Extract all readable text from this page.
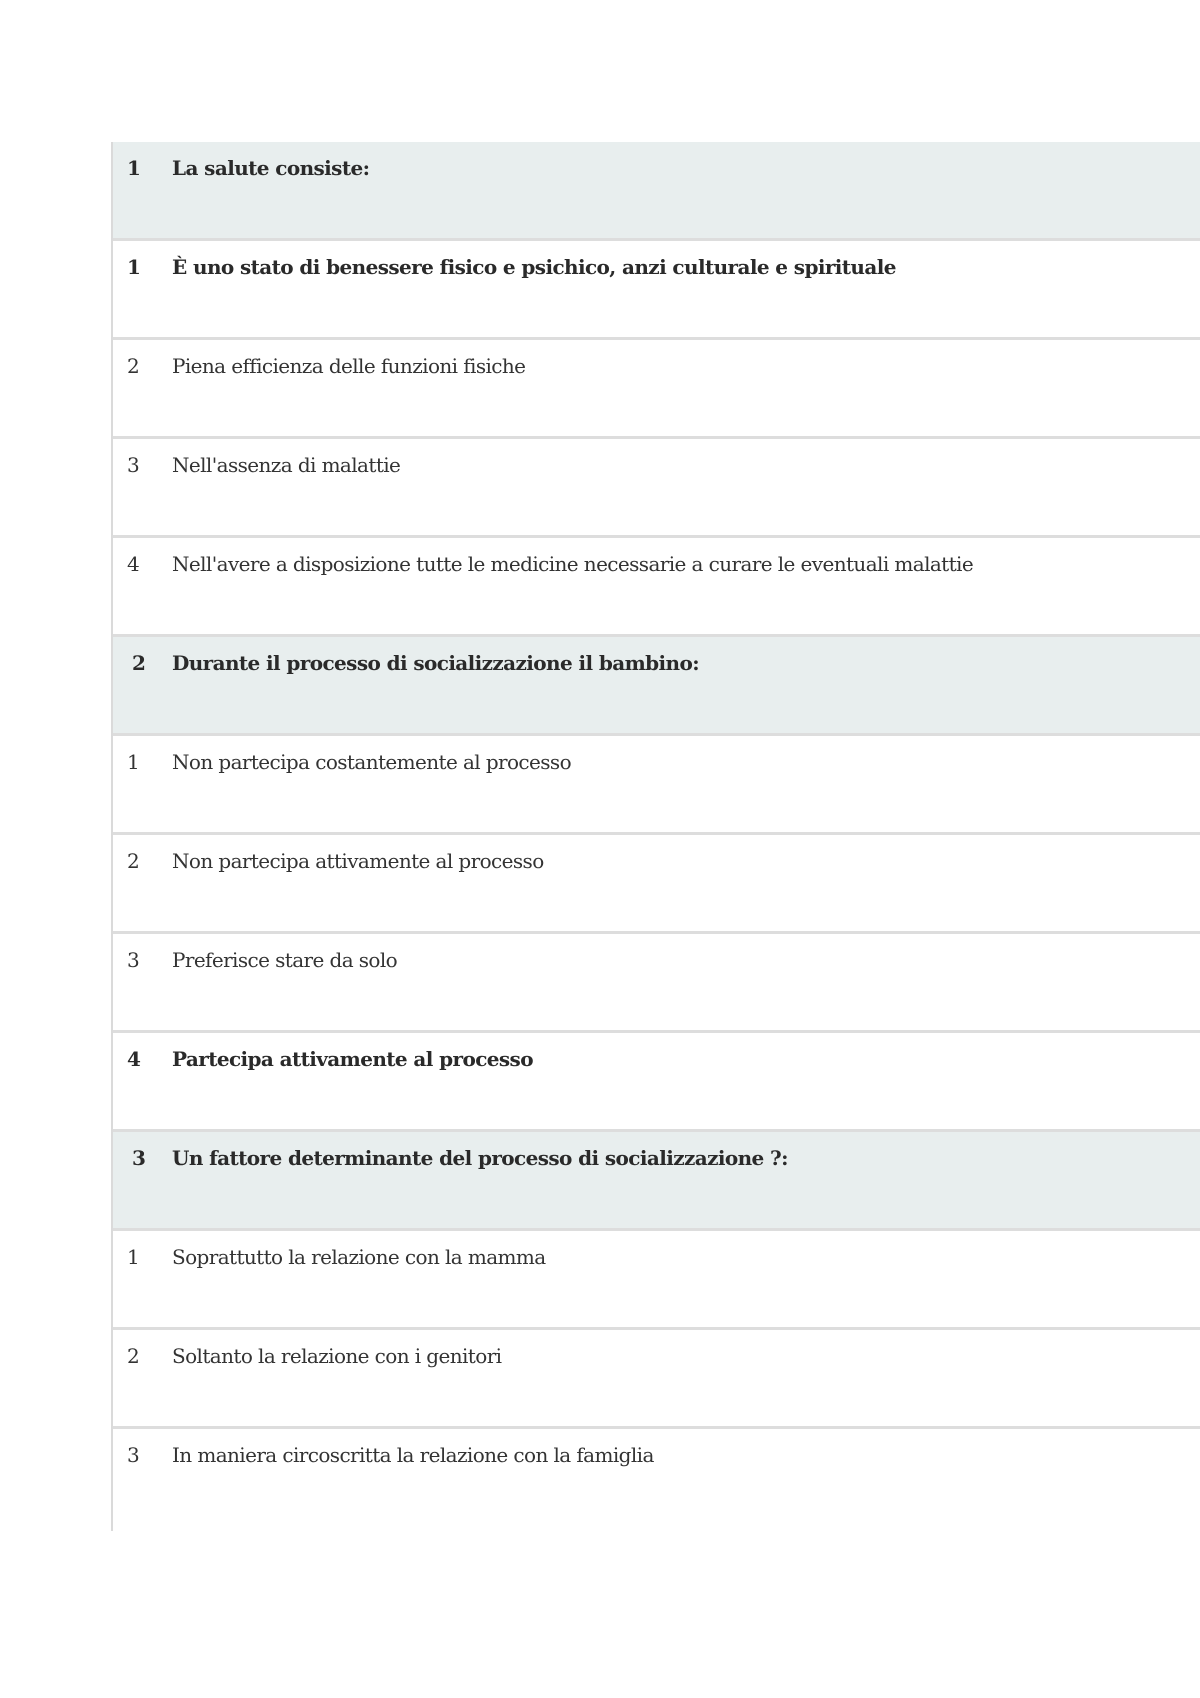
1 La salute consiste:
1 È uno stato di benessere fisico e psichico, anzi culturale e spirituale
2 Piena efficienza delle funzioni fisiche
3 Nell'assenza di malattie
4 Nell'avere a disposizione tutte le medicine necessarie a curare le eventuali malattie
2 Durante il processo di socializzazione il bambino:
1 Non partecipa costantemente al processo
2 Non partecipa attivamente al processo
3 Preferisce stare da solo
4 Partecipa attivamente al processo
3 Un fattore determinante del processo di socializzazione ?:
1 Soprattutto la relazione con la mamma
2 Soltanto la relazione con i genitori
3 In maniera circoscritta la relazione con la famiglia
